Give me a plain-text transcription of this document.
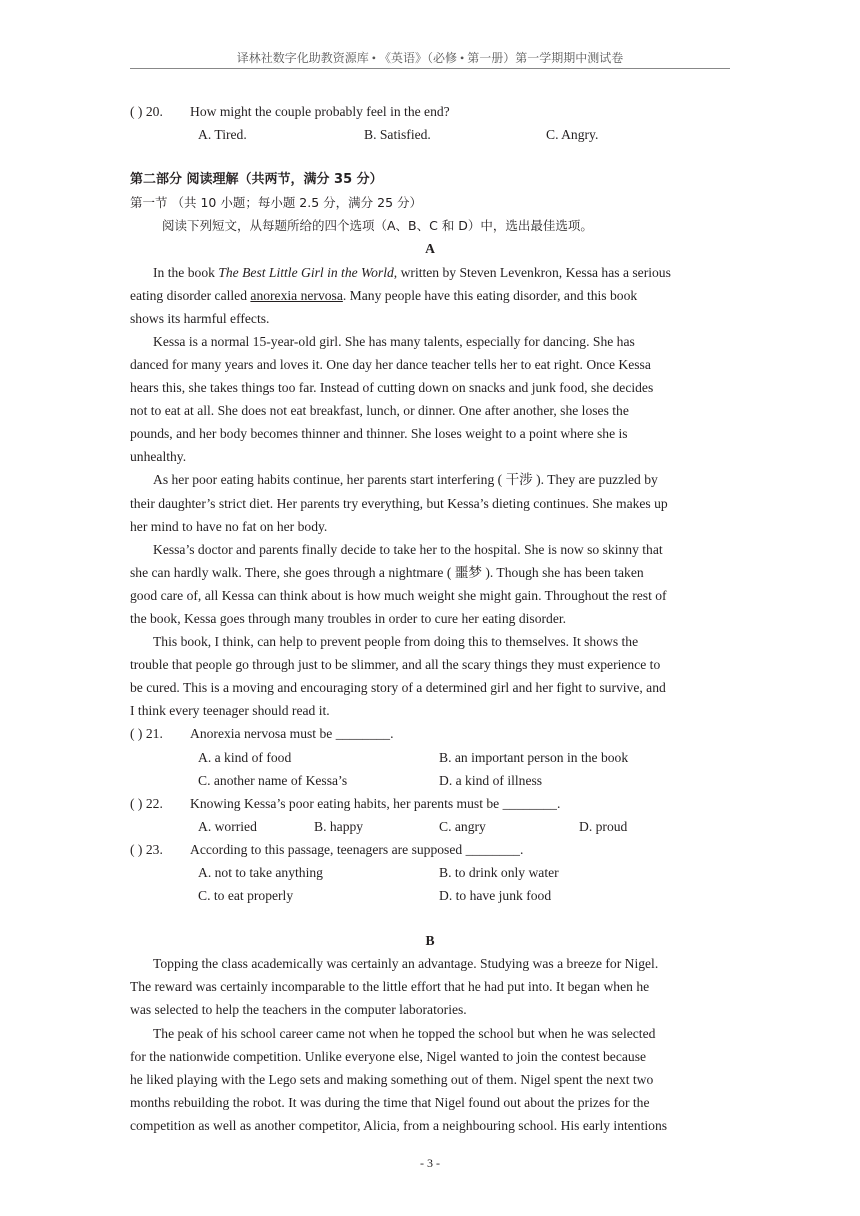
译林社数字化助教资源库 • 《英语》（必修 • 第一册）第一学期期中测试卷
( ) 20.	How might the couple probably feel in the end?
A. Tired.	B. Satisfied.	C. Angry.
第二部分 阅读理解（共两节，满分 35 分）
第一节 （共 10 小题；每小题 2.5 分，满分 25 分）
阅读下列短文，从每题所给的四个选项（A、B、C 和 D）中，选出最佳选项。
A
In the book The Best Little Girl in the World, written by Steven Levenkron, Kessa has a serious
eating disorder called anorexia nervosa. Many people have this eating disorder, and this book
shows its harmful effects.
Kessa is a normal 15-year-old girl. She has many talents, especially for dancing. She has
danced for many years and loves it. One day her dance teacher tells her to eat right. Once Kessa
hears this, she takes things too far. Instead of cutting down on snacks and junk food, she decides
not to eat at all. She does not eat breakfast, lunch, or dinner. One after another, she loses the
pounds, and her body becomes thinner and thinner. She loses weight to a point where she is
unhealthy.
As her poor eating habits continue, her parents start interfering ( 干涉 ). They are puzzled by
their daughter’s strict diet. Her parents try everything, but Kessa’s dieting continues. She makes up
her mind to have no fat on her body.
Kessa’s doctor and parents finally decide to take her to the hospital. She is now so skinny that
she can hardly walk. There, she goes through a nightmare ( 噩梦 ). Though she has been taken
good care of, all Kessa can think about is how much weight she might gain. Throughout the rest of
the book, Kessa goes through many troubles in order to cure her eating disorder.
This book, I think, can help to prevent people from doing this to themselves. It shows the
trouble that people go through just to be slimmer, and all the scary things they must experience to
be cured. This is a moving and encouraging story of a determined girl and her fight to survive, and
I think every teenager should read it.
( ) 21.	Anorexia nervosa must be ________.
A. a kind of food	B. an important person in the book
C. another name of Kessa’s	D. a kind of illness
( ) 22.	Knowing Kessa’s poor eating habits, her parents must be ________.
A. worried	B. happy	C. angry	D. proud
( ) 23.	According to this passage, teenagers are supposed ________.
A. not to take anything	B. to drink only water
C. to eat properly	D. to have junk food
B
Topping the class academically was certainly an advantage. Studying was a breeze for Nigel.
The reward was certainly incomparable to the little effort that he had put into. It began when he
was selected to help the teachers in the computer laboratories.
The peak of his school career came not when he topped the school but when he was selected
for the nationwide competition. Unlike everyone else, Nigel wanted to join the contest because
he liked playing with the Lego sets and making something out of them. Nigel spent the next two
months rebuilding the robot. It was during the time that Nigel found out about the prizes for the
competition as well as another competitor, Alicia, from a neighbouring school. His early intentions
- 3 -
